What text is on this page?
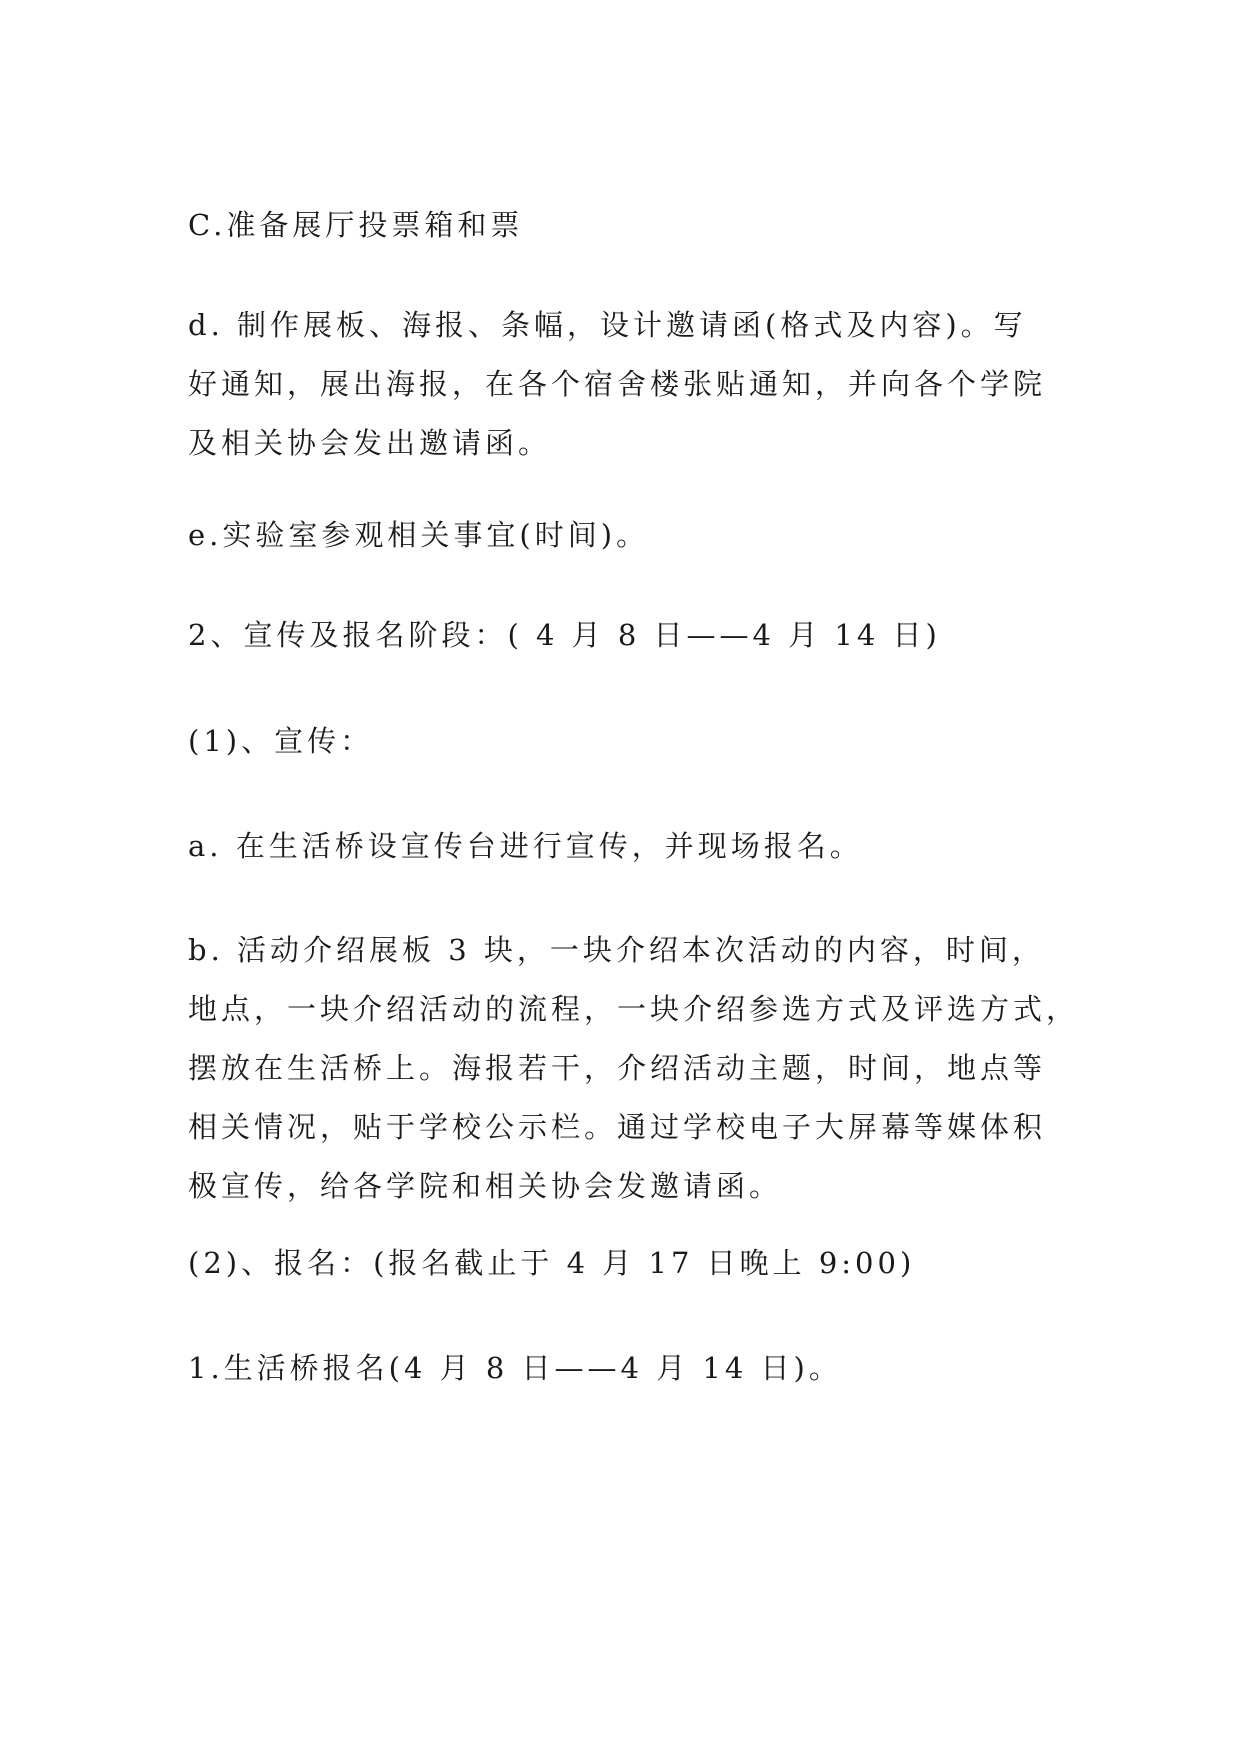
C.准备展厅投票箱和票

d. 制作展板、海报、条幅，设计邀请函(格式及内容)。写
好通知，展出海报，在各个宿舍楼张贴通知，并向各个学院
及相关协会发出邀请函。

e.实验室参观相关事宜(时间)。

2、宣传及报名阶段：( 4 月 8 日——4 月 14 日)

(1)、宣传：

a. 在生活桥设宣传台进行宣传，并现场报名。

b. 活动介绍展板 3 块，一块介绍本次活动的内容，时间，
地点，一块介绍活动的流程，一块介绍参选方式及评选方式，
摆放在生活桥上。海报若干，介绍活动主题，时间，地点等
相关情况，贴于学校公示栏。通过学校电子大屏幕等媒体积
极宣传，给各学院和相关协会发邀请函。

(2)、报名：(报名截止于 4 月 17 日晚上 9:00)

1.生活桥报名(4 月 8 日——4 月 14 日)。
